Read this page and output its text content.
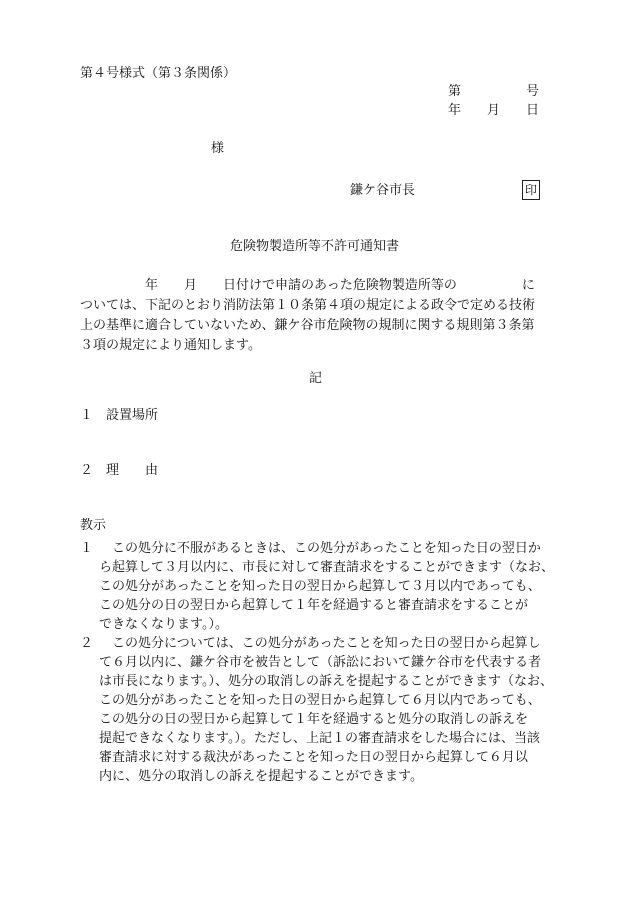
第４号様式（第３条関係）
第	号
年 月 日
様
鎌ケ谷市長	印
危険物製造所等不許可通知書
　　　　　年　　月　　日付けで申請のあった危険物製造所等の　　　　　に
ついては、下記のとおり消防法第１０条第４項の規定による政令で定める技術
上の基準に適合していないため、鎌ケ谷市危険物の規制に関する規則第３条第
３項の規定により通知します。
記
１　設置場所
２　理　　由
教示
１ 　この処分に不服があるときは、この処分があったことを知った日の翌日か
ら起算して３月以内に、市長に対して審査請求をすることができます（なお、
この処分があったことを知った日の翌日から起算して３月以内であっても、
この処分の日の翌日から起算して１年を経過すると審査請求をすることが
できなくなります。）。
２ 　この処分については、この処分があったことを知った日の翌日から起算し
て６月以内に、鎌ケ谷市を被告として（訴訟において鎌ケ谷市を代表する者
は市長になります。）、処分の取消しの訴えを提起することができます（なお、
この処分があったことを知った日の翌日から起算して６月以内であっても、
この処分の日の翌日から起算して１年を経過すると処分の取消しの訴えを
提起できなくなります。）。ただし、上記１の審査請求をした場合には、当該
審査請求に対する裁決があったことを知った日の翌日から起算して６月以
内に、処分の取消しの訴えを提起することができます。
